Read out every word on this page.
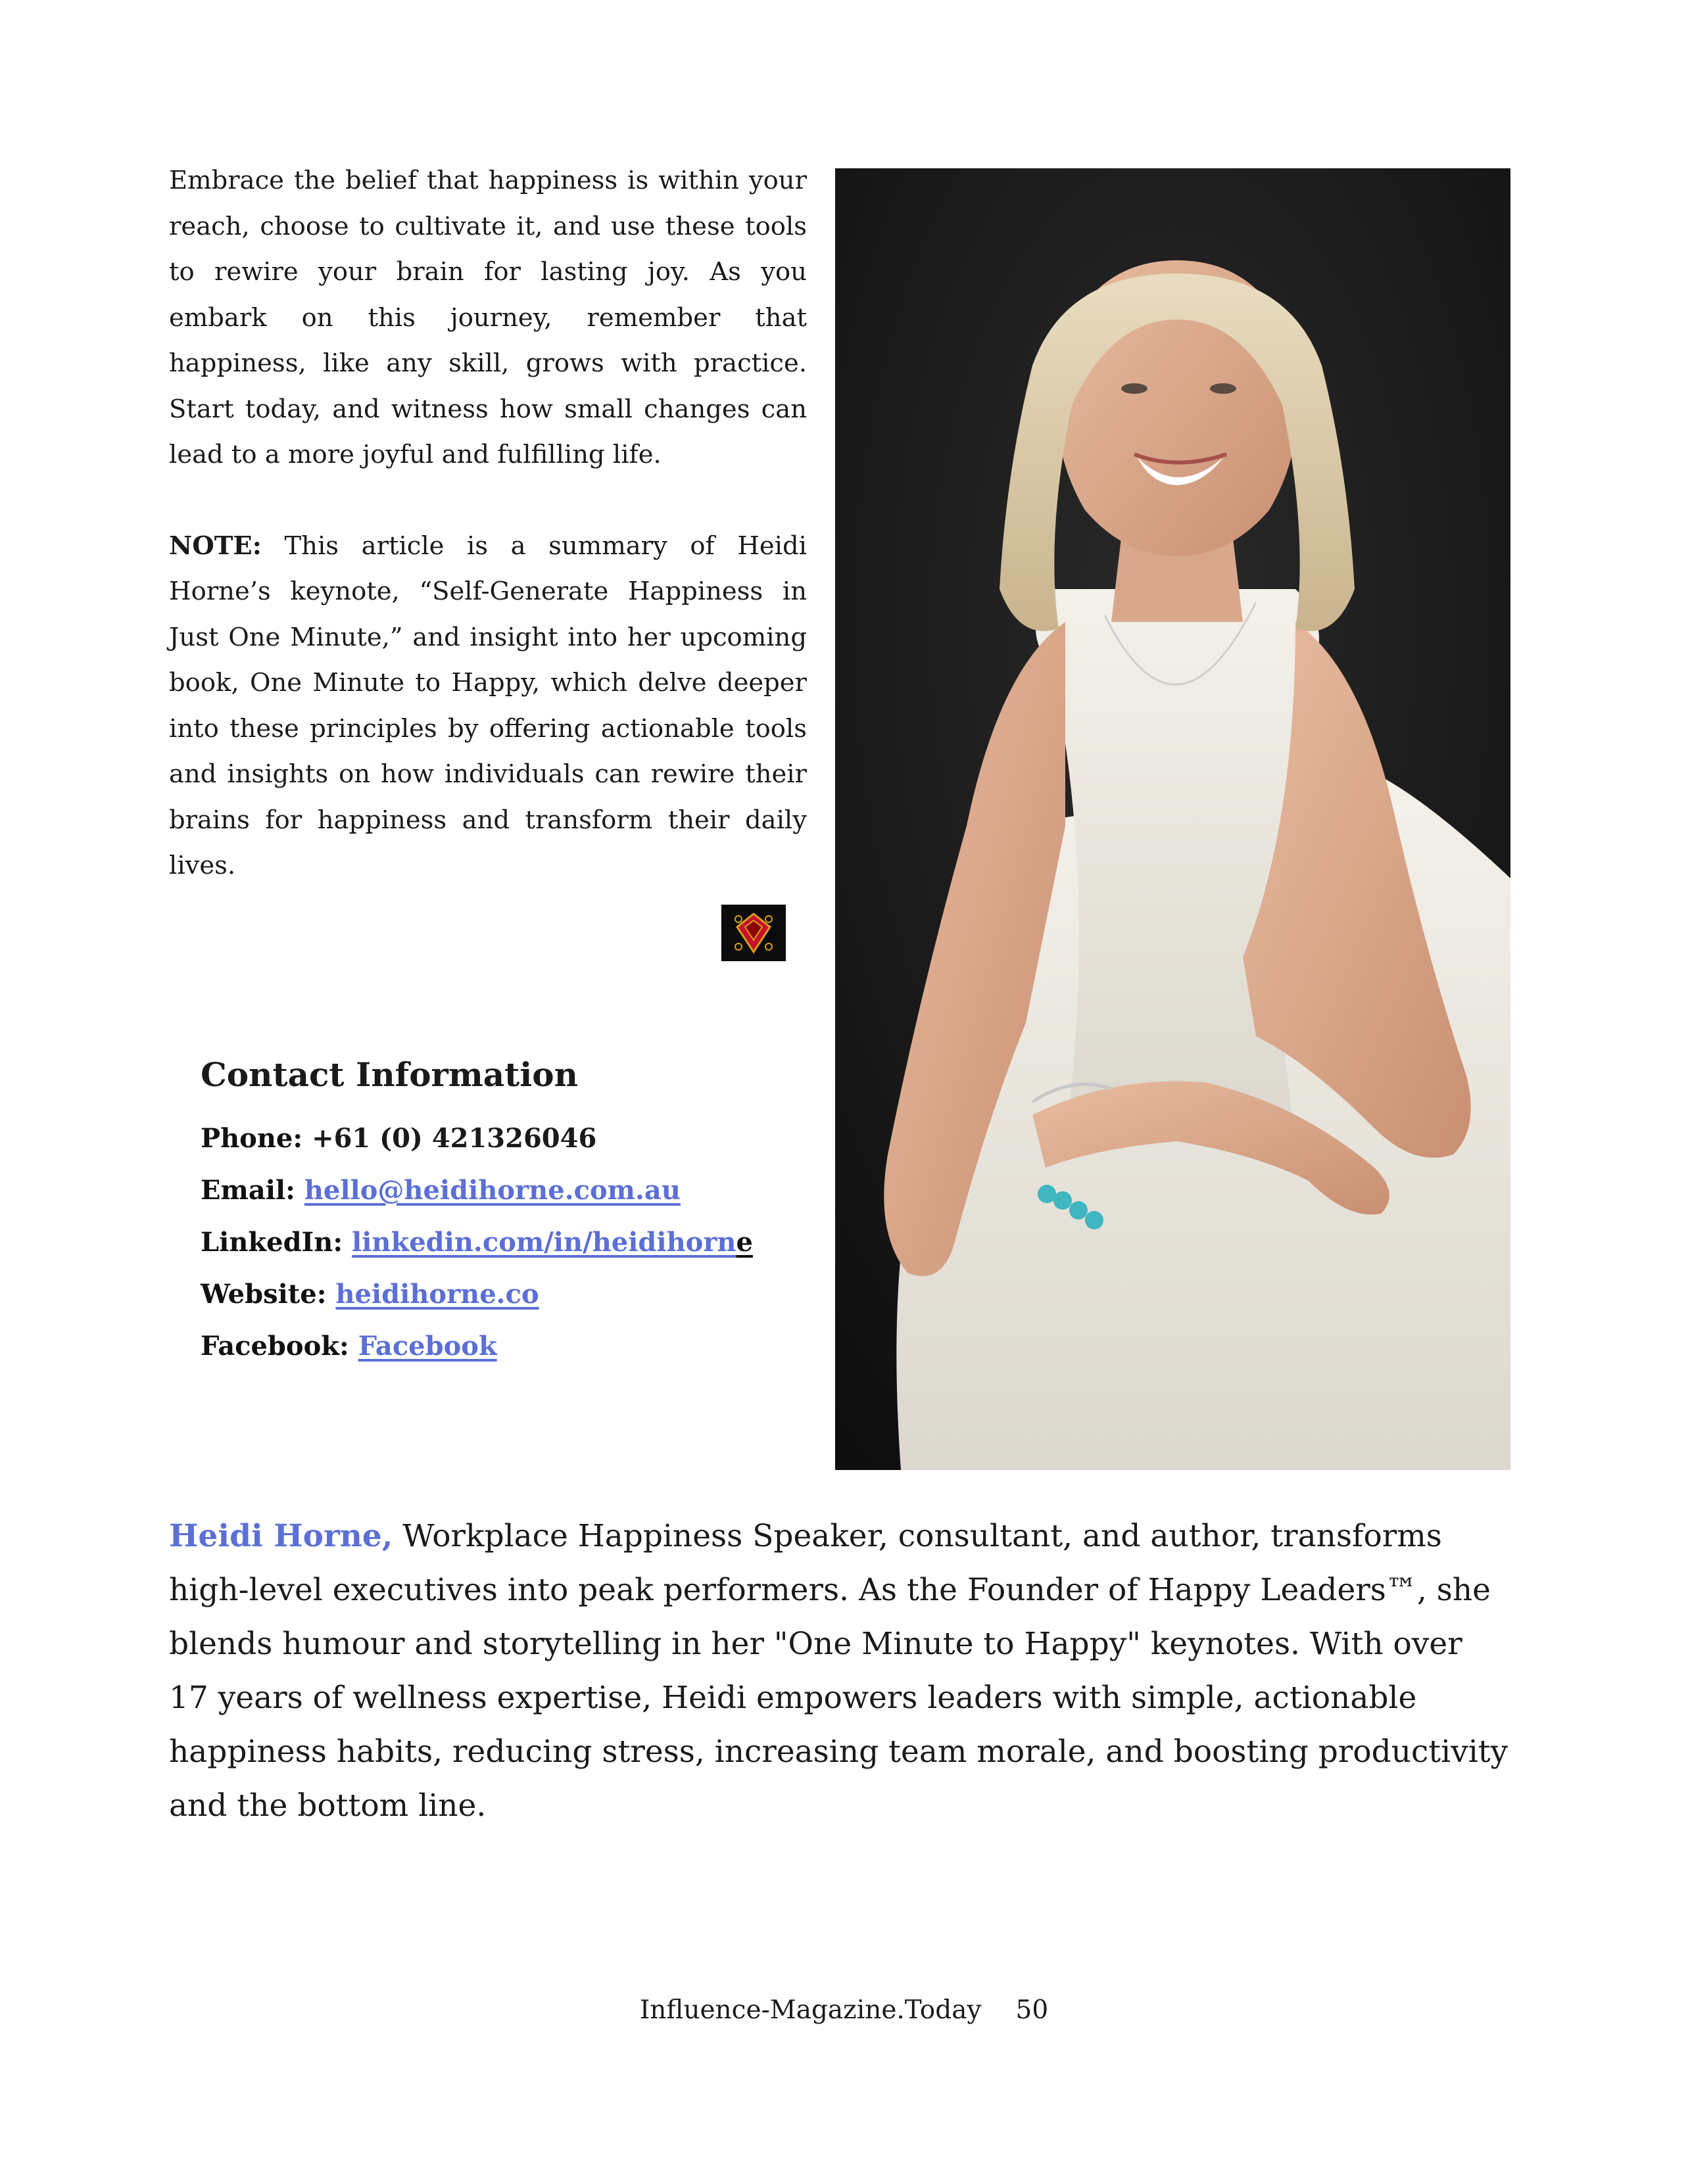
Embrace the belief that happiness is within your reach, choose to cultivate it, and use these tools to rewire your brain for lasting joy. As you embark on this journey, remember that happiness, like any skill, grows with practice. Start today, and witness how small changes can lead to a more joyful and fulfilling life.

NOTE: This article is a summary of Heidi Horne’s keynote, “Self-Generate Happiness in Just One Minute,” and insight into her upcoming book, One Minute to Happy, which delve deeper into these principles by offering actionable tools and insights on how individuals can rewire their brains for happiness and transform their daily lives.

Contact Information
Phone: +61 (0) 421326046
Email: hello@heidihorne.com.au
LinkedIn: linkedin.com/in/heidihorne
Website: heidihorne.co
Facebook: Facebook
Heidi Horne, Workplace Happiness Speaker, consultant, and author, transforms high-level executives into peak performers. As the Founder of Happy Leaders™, she blends humour and storytelling in her "One Minute to Happy" keynotes. With over 17 years of wellness expertise, Heidi empowers leaders with simple, actionable happiness habits, reducing stress, increasing team morale, and boosting productivity and the bottom line.
Influence-Magazine.Today 50
